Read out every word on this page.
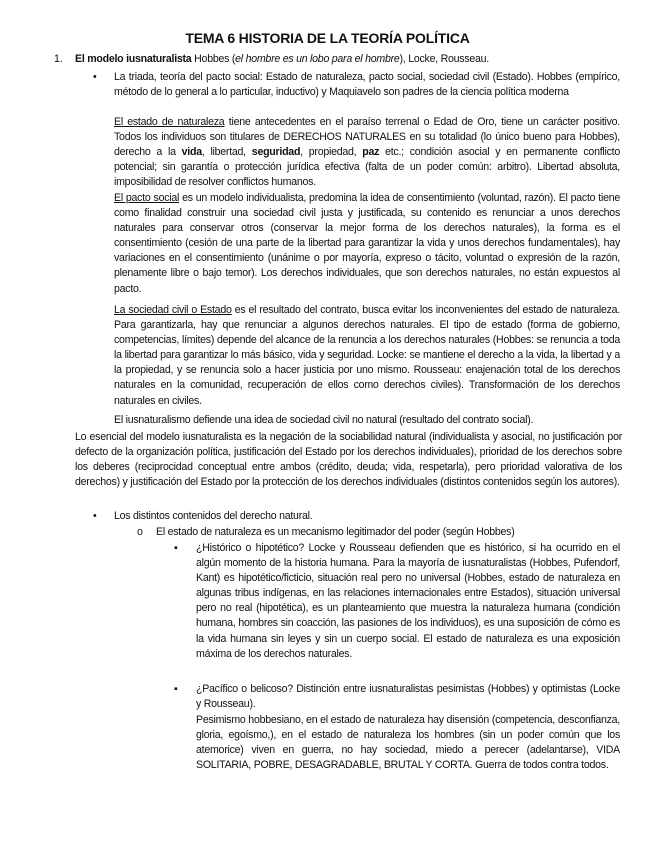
TEMA 6 HISTORIA DE LA TEORÍA POLÍTICA
1. El modelo iusnaturalista Hobbes (el hombre es un lobo para el hombre), Locke, Rousseau.
• La triada, teoría del pacto social: Estado de naturaleza, pacto social, sociedad civil (Estado). Hobbes (empírico, método de lo general a lo particular, inductivo) y Maquiavelo son padres de la ciencia política moderna
El estado de naturaleza tiene antecedentes en el paraíso terrenal o Edad de Oro, tiene un carácter positivo. Todos los individuos son titulares de DERECHOS NATURALES en su totalidad (lo único bueno para Hobbes), derecho a la vida, libertad, seguridad, propiedad, paz etc.; condición asocial y en permanente conflicto potencial; sin garantía o protección jurídica efectiva (falta de un poder común: arbitro). Libertad absoluta, imposibilidad de resolver conflictos humanos.
El pacto social es un modelo individualista, predomina la idea de consentimiento (voluntad, razón). El pacto tiene como finalidad construir una sociedad civil justa y justificada, su contenido es renunciar a unos derechos naturales para conservar otros (conservar la mejor forma de los derechos naturales), la forma es el consentimiento (cesión de una parte de la libertad para garantizar la vida y unos derechos fundamentales), hay variaciones en el consentimiento (unánime o por mayoría, expreso o tácito, voluntad o expresión de la razón, plenamente libre o bajo temor). Los derechos individuales, que son derechos naturales, no están expuestos al pacto.
La sociedad civil o Estado es el resultado del contrato, busca evitar los inconvenientes del estado de naturaleza. Para garantizarla, hay que renunciar a algunos derechos naturales. El tipo de estado (forma de gobierno, competencias, límites) depende del alcance de la renuncia a los derechos naturales (Hobbes: se renuncia a toda la libertad para garantizar lo más básico, vida y seguridad. Locke: se mantiene el derecho a la vida, la libertad y a la propiedad, y se renuncia solo a hacer justicia por uno mismo. Rousseau: enajenación total de los derechos naturales en la comunidad, recuperación de ellos como derechos civiles). Transformación de los derechos naturales en civiles.
El iusnaturalismo defiende una idea de sociedad civil no natural (resultado del contrato social).
Lo esencial del modelo iusnaturalista es la negación de la sociabilidad natural (individualista y asocial, no justificación por defecto de la organización política, justificación del Estado por los derechos individuales), prioridad de los derechos sobre los deberes (reciprocidad conceptual entre ambos (crédito, deuda; vida, respetarla), pero prioridad valorativa de los derechos) y justificación del Estado por la protección de los derechos individuales (distintos contenidos según los autores).
• Los distintos contenidos del derecho natural.
o El estado de naturaleza es un mecanismo legitimador del poder (según Hobbes)
▪ ¿Histórico o hipotético? Locke y Rousseau defienden que es histórico, si ha ocurrido en el algún momento de la historia humana. Para la mayoría de iusnaturalistas (Hobbes, Pufendorf, Kant) es hipotético/ficticio, situación real pero no universal (Hobbes, estado de naturaleza en algunas tribus indígenas, en las relaciones internacionales entre Estados), situación universal pero no real (hipotética), es un planteamiento que muestra la naturaleza humana (condición humana, hombres sin coacción, las pasiones de los individuos), es una suposición de cómo es la vida humana sin leyes y sin un cuerpo social. El estado de naturaleza es una exposición máxima de los derechos naturales.
▪ ¿Pacífico o belicoso? Distinción entre iusnaturalistas pesimistas (Hobbes) y optimistas (Locke y Rousseau).
Pesimismo hobbesiano, en el estado de naturaleza hay disensión (competencia, desconfianza, gloria, egoísmo,), en el estado de naturaleza los hombres (sin un poder común que los atemorice) viven en guerra, no hay sociedad, miedo a perecer (adelantarse), VIDA SOLITARIA, POBRE, DESAGRADABLE, BRUTAL Y CORTA. Guerra de todos contra todos.
